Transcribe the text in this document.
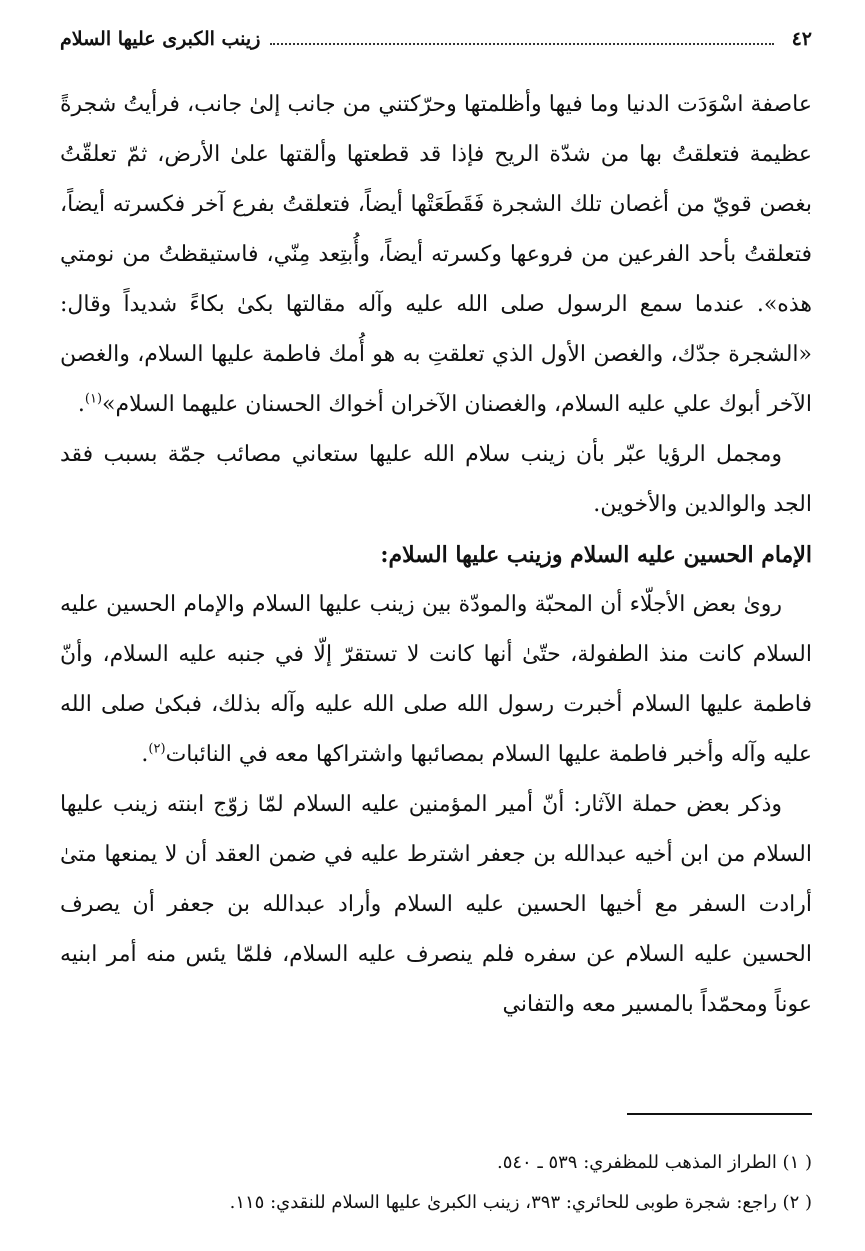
٤٢
زينب الكبرى عليها السلام

عاصفة اسْوَدَت الدنيا وما فيها وأظلمتها وحرّكتني من جانب إلىٰ جانب، فرأيتُ شجرةً عظيمة فتعلقتُ بها من شدّة الريح فإذا قد قطعتها وألقتها علىٰ الأرض، ثمّ تعلقّتُ بغصن قويّ من أغصان تلك الشجرة فَقَطَعَتْها أيضاً، فتعلقتُ بفرع آخر فكسرته أيضاً، فتعلقتُ بأحد الفرعين من فروعها وكسرته أيضاً، وأُبتِعد مِنّي، فاستيقظتُ من نومتي هذه». عندما سمع الرسول صلى الله عليه وآله مقالتها بكىٰ بكاءً شديداً وقال: «الشجرة جدّك، والغصن الأول الذي تعلقتِ به هو أُمك فاطمة عليها السلام، والغصن الآخر أبوك علي عليه السلام، والغصنان الآخران أخواك الحسنان عليهما السلام»$^{(١)}$.

ومجمل الرؤيا عبّر بأن زينب سلام الله عليها ستعاني مصائب جمّة بسبب فقد الجد والوالدين والأخوين.

الإمام الحسين عليه السلام وزينب عليها السلام:

روىٰ بعض الأجلّاء أن المحبّة والمودّة بين زينب عليها السلام والإمام الحسين عليه السلام كانت منذ الطفولة، حتّىٰ أنها كانت لا تستقرّ إلّا في جنبه عليه السلام، وأنّ فاطمة عليها السلام أخبرت رسول الله صلى الله عليه وآله بذلك، فبكىٰ صلى الله عليه وآله وأخبر فاطمة عليها السلام بمصائبها واشتراكها معه في النائبات$^{(٢)}$.

وذكر بعض حملة الآثار: أنّ أمير المؤمنين عليه السلام لمّا زوّج ابنته زينب عليها السلام من ابن أخيه عبدالله بن جعفر اشترط عليه في ضمن العقد أن لا يمنعها متىٰ أرادت السفر مع أخيها الحسين عليه السلام وأراد عبدالله بن جعفر أن يصرف الحسين عليه السلام عن سفره فلم ينصرف عليه السلام، فلمّا يئس منه أمر ابنيه عوناً ومحمّداً بالمسير معه والتفاني

( ١) الطراز المذهب للمظفري: ٥٣٩ ـ ٥٤٠.

( ٢) راجع: شجرة طوبى للحائري: ٣٩٣، زينب الكبرىٰ عليها السلام للنقدي: ١١٥.
